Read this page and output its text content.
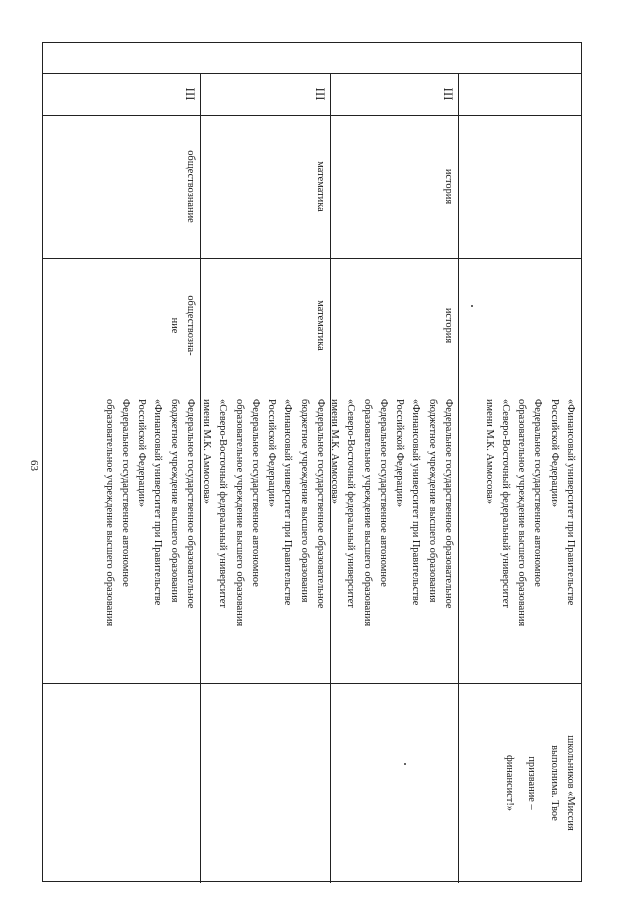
63
школьников «Миссия
выполнима. Твое
призвание –
финансист!»
«Финансовый университет при Правительстве
Российской Федерации»
Федеральное государственное автономное
образовательное учреждение высшего образования
«Северо-Восточный федеральный университет
имени М.К. Аммосова»
Федеральное государственное образовательное
бюджетное учреждение высшего образования
«Финансовый университет при Правительстве
Российской Федерации»
Федеральное государственное автономное
образовательное учреждение высшего образования
«Северо-Восточный федеральный университет
имени М.К. Аммосова»
история
история
III
Федеральное государственное образовательное
бюджетное учреждение высшего образования
«Финансовый университет при Правительстве
Российской Федерации»
Федеральное государственное автономное
образовательное учреждение высшего образования
«Северо-Восточный федеральный университет
имени М.К. Аммосова»
математика
математика
III
Федеральное государственное образовательное
бюджетное учреждение высшего образования
«Финансовый университет при Правительстве
Российской Федерации»
Федеральное государственное автономное
образовательное учреждение высшего образования
обществозна-
ние
обществознание
III
